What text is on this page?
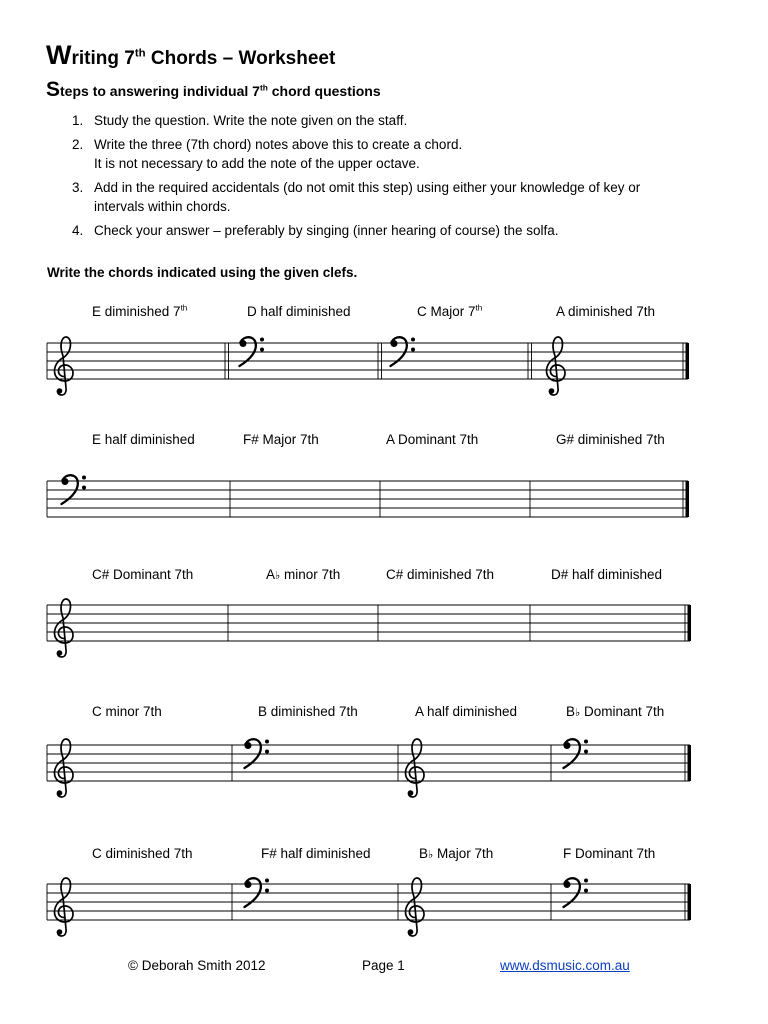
Writing 7th Chords – Worksheet
Steps to answering individual 7th chord questions
1. Study the question. Write the note given on the staff.
2. Write the three (7th chord) notes above this to create a chord.
It is not necessary to add the note of the upper octave.
3. Add in the required accidentals (do not omit this step) using either your knowledge of key or
intervals within chords.
4. Check your answer – preferably by singing (inner hearing of course) the solfa.
Write the chords indicated using the given clefs.
E diminished 7th	D half diminished	C Major 7th	A diminished 7th
E half diminished	F# Major 7th	A Dominant 7th	G# diminished 7th
C# Dominant 7th	A♭ minor 7th	C# diminished 7th	D# half diminished
C minor 7th	B diminished 7th	A half diminished	B♭ Dominant 7th
C diminished 7th	F# half diminished	B♭ Major 7th	F Dominant 7th
© Deborah Smith 2012	Page 1	www.dsmusic.com.au
